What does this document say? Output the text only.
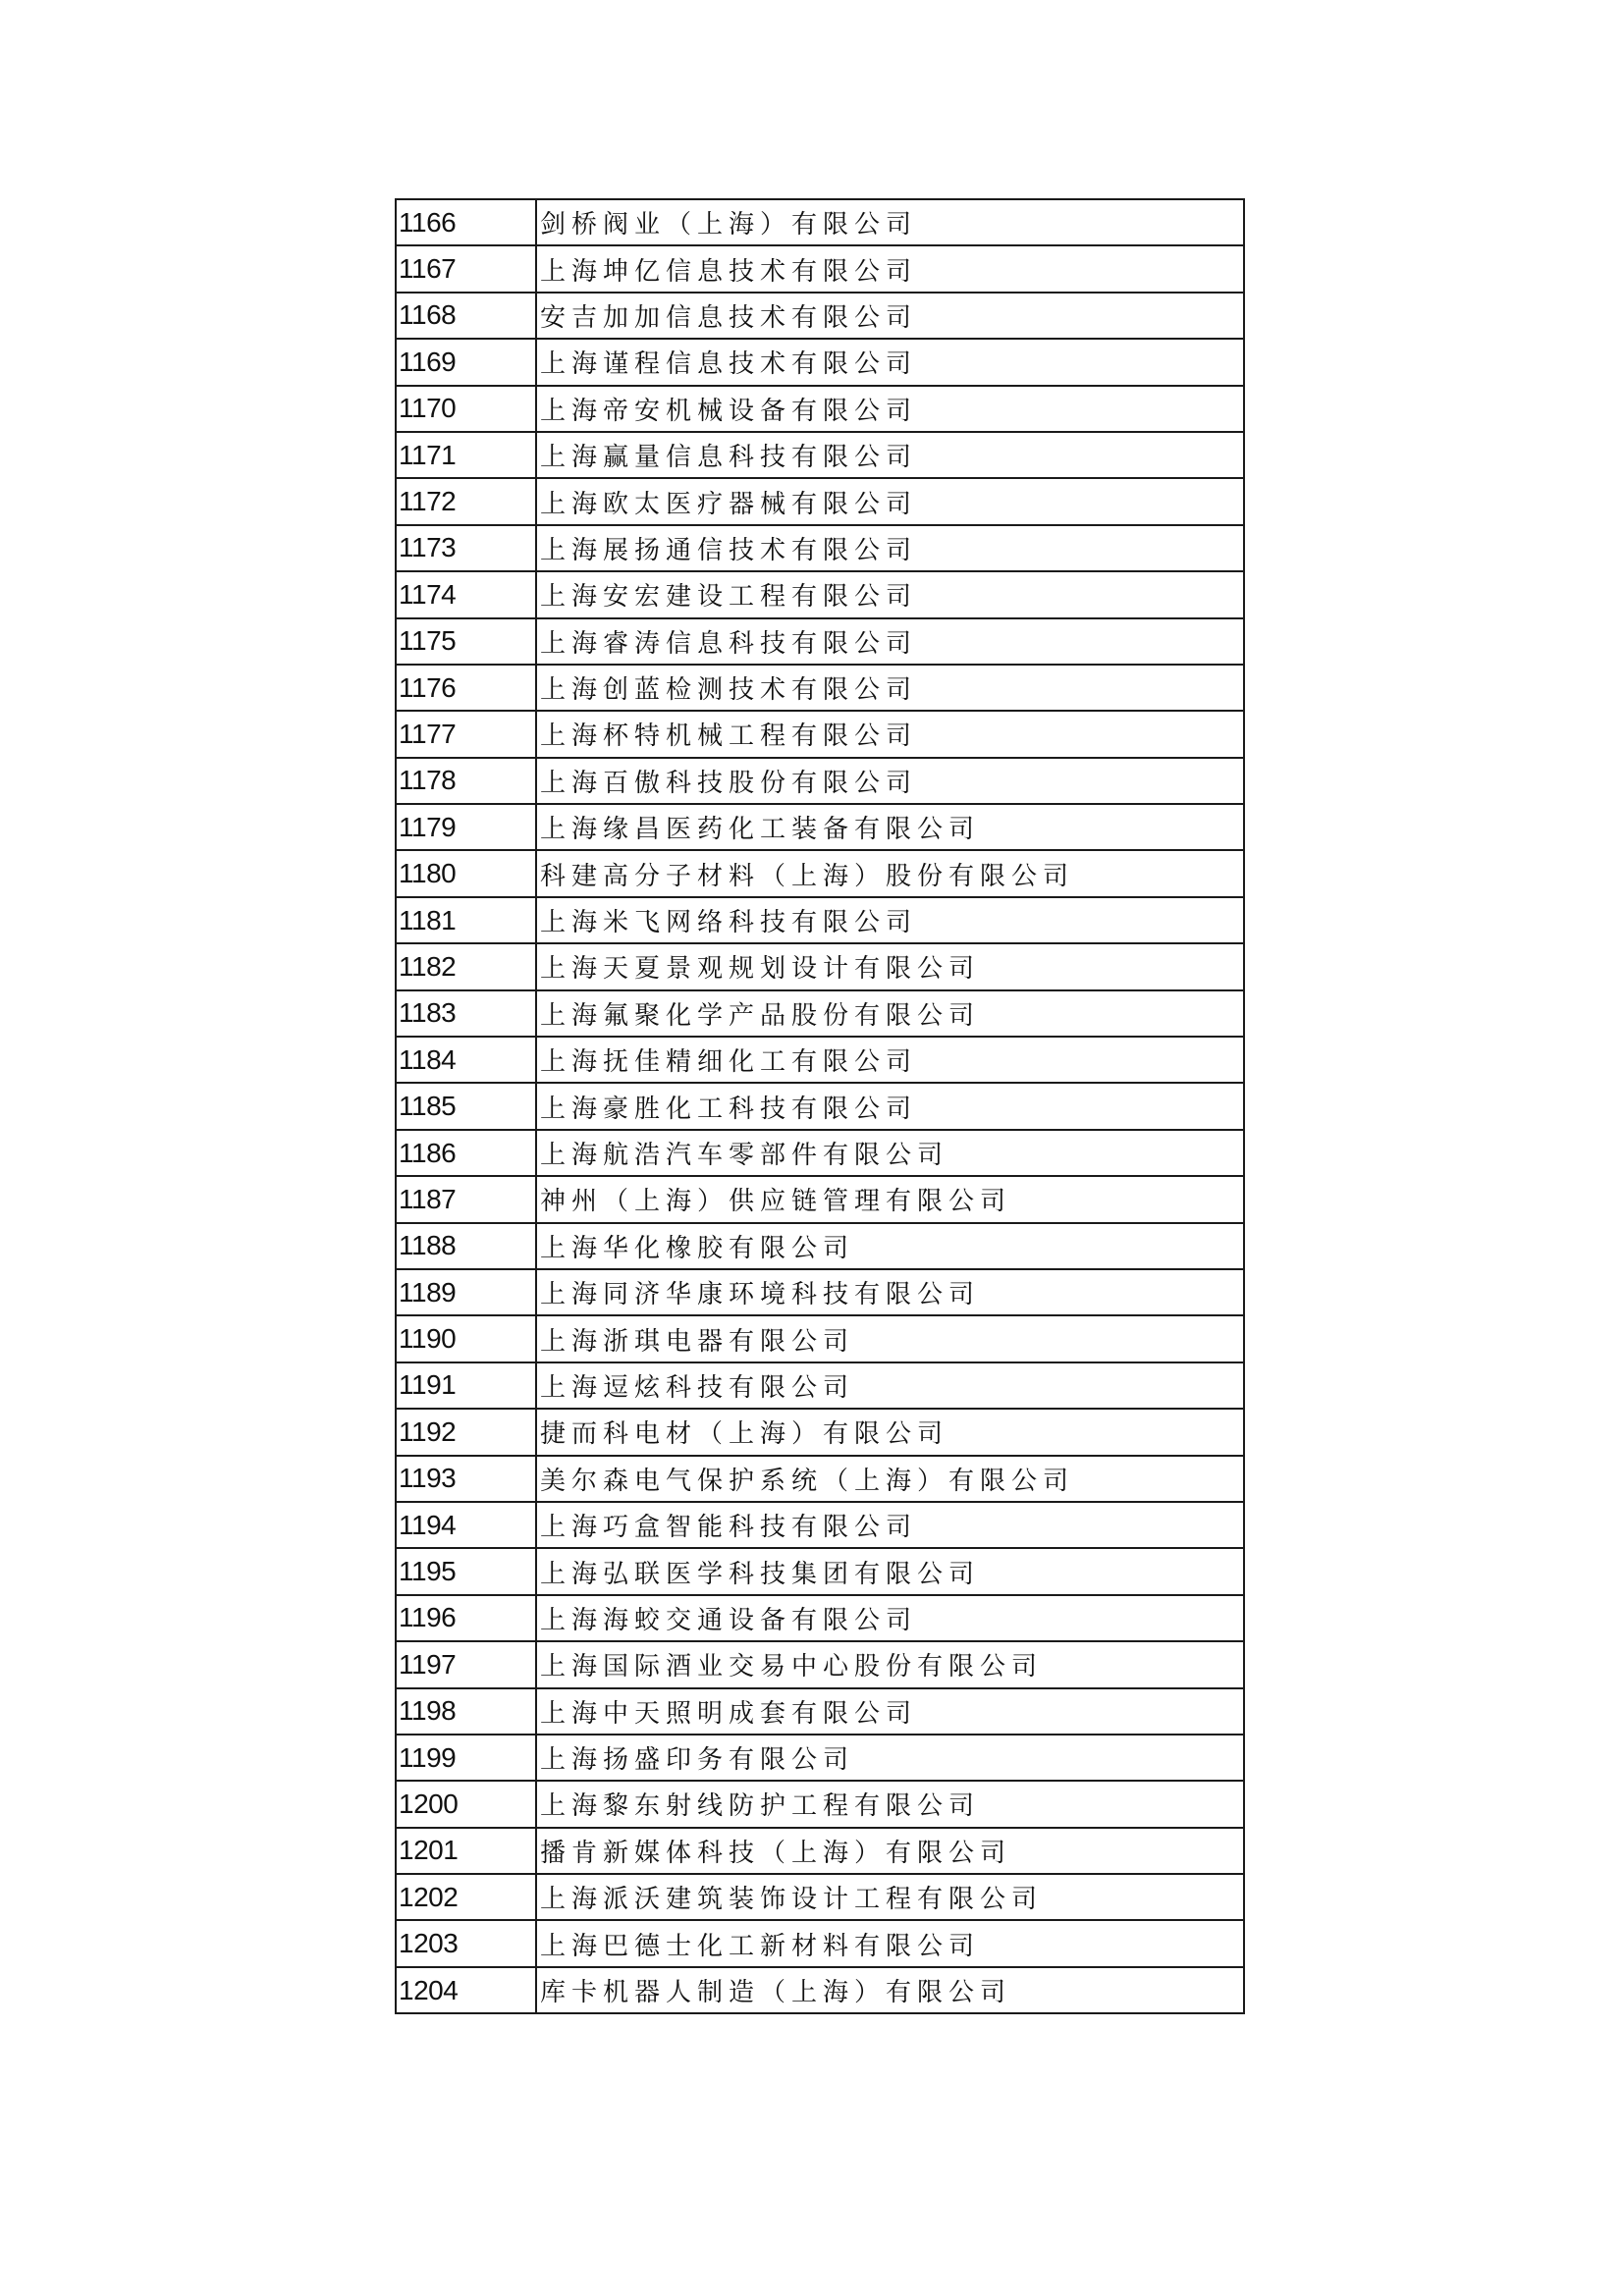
1166	剑桥阀业（上海）有限公司
1167	上海坤亿信息技术有限公司
1168	安吉加加信息技术有限公司
1169	上海谨程信息技术有限公司
1170	上海帝安机械设备有限公司
1171	上海赢量信息科技有限公司
1172	上海欧太医疗器械有限公司
1173	上海展扬通信技术有限公司
1174	上海安宏建设工程有限公司
1175	上海睿涛信息科技有限公司
1176	上海创蓝检测技术有限公司
1177	上海杯特机械工程有限公司
1178	上海百傲科技股份有限公司
1179	上海缘昌医药化工装备有限公司
1180	科建高分子材料（上海）股份有限公司
1181	上海米飞网络科技有限公司
1182	上海天夏景观规划设计有限公司
1183	上海氟聚化学产品股份有限公司
1184	上海抚佳精细化工有限公司
1185	上海豪胜化工科技有限公司
1186	上海航浩汽车零部件有限公司
1187	神州（上海）供应链管理有限公司
1188	上海华化橡胶有限公司
1189	上海同济华康环境科技有限公司
1190	上海浙琪电器有限公司
1191	上海逗炫科技有限公司
1192	捷而科电材（上海）有限公司
1193	美尔森电气保护系统（上海）有限公司
1194	上海巧盒智能科技有限公司
1195	上海弘联医学科技集团有限公司
1196	上海海蛟交通设备有限公司
1197	上海国际酒业交易中心股份有限公司
1198	上海中天照明成套有限公司
1199	上海扬盛印务有限公司
1200	上海黎东射线防护工程有限公司
1201	播肯新媒体科技（上海）有限公司
1202	上海派沃建筑装饰设计工程有限公司
1203	上海巴德士化工新材料有限公司
1204	库卡机器人制造（上海）有限公司
